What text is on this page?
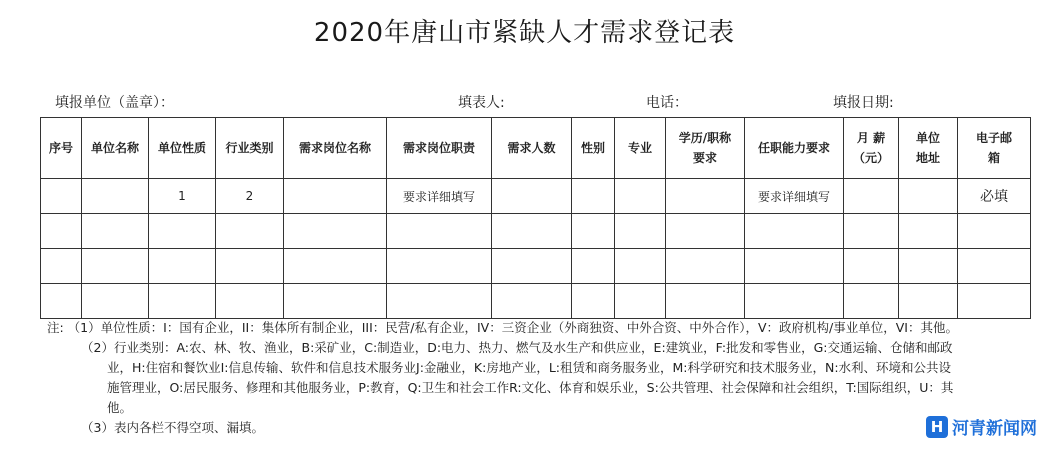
2020年唐山市紧缺人才需求登记表
填报单位（盖章）：	填表人:	电话：	填报日期:
序号	单位名称	单位性质	行业类别	需求岗位名称	需求岗位职责	需求人数	性别	专业	学历/职称要求	任职能力要求	月 薪（元）	单位地址	电子邮箱
		1	2		要求详细填写					要求详细填写			必填

注: （1）单位性质：I：国有企业，II：集体所有制企业，III：民营/私有企业，IV：三资企业（外商独资、中外合资、中外合作），V：政府机构/事业单位，VI：其他。
（2）行业类别：A:农、林、牧、渔业，B:采矿业，C:制造业，D:电力、热力、燃气及水生产和供应业，E:建筑业，F:批发和零售业，G:交通运输、仓储和邮政
业，H:住宿和餐饮业I:信息传输、软件和信息技术服务业J:金融业，K:房地产业，L:租赁和商务服务业，M:科学研究和技术服务业，N:水利、环境和公共设
施管理业，O:居民服务、修理和其他服务业，P:教育，Q:卫生和社会工作R:文化、体育和娱乐业，S:公共管理、社会保障和社会组织，T:国际组织，U：其
他。
（3）表内各栏不得空项、漏填。	H 河青新闻网
